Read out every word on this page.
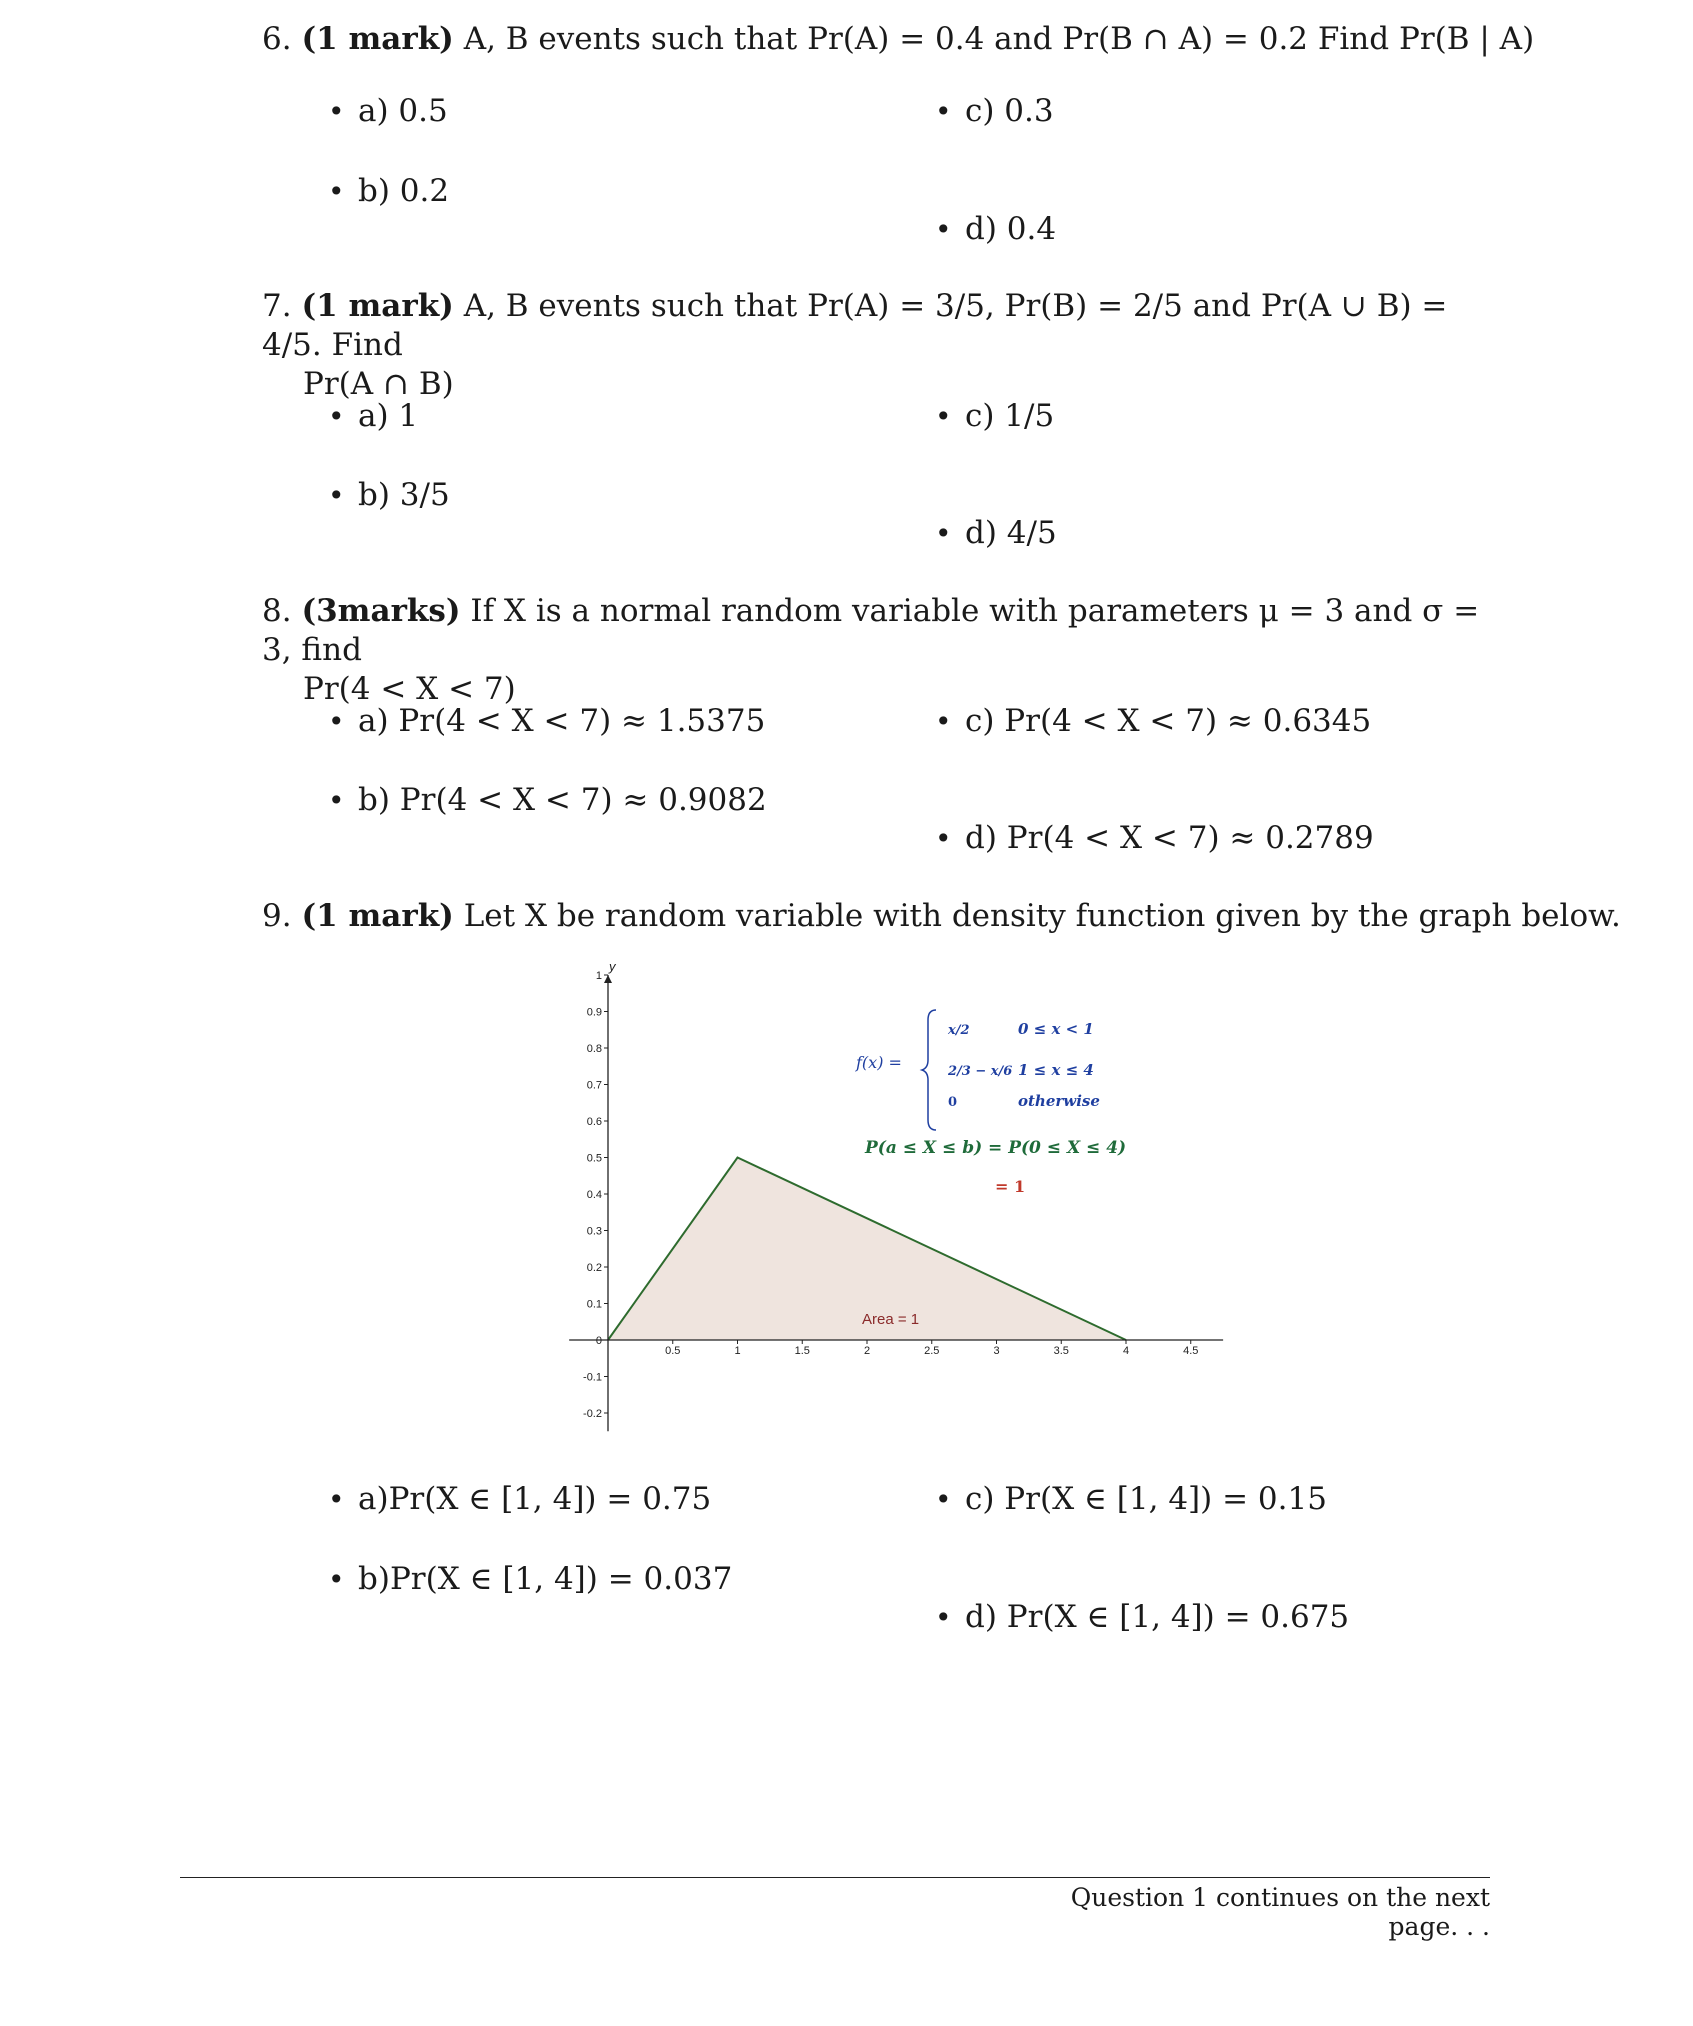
6. (1 mark) A, B events such that Pr(A) = 0.4 and Pr(B ∩ A) = 0.2 Find Pr(B | A)
• a) 0.5
• b) 0.2
• c) 0.3
• d) 0.4
7. (1 mark) A, B events such that Pr(A) = 3/5, Pr(B) = 2/5 and Pr(A ∪ B) = 4/5. Find
Pr(A ∩ B)
• a) 1
• b) 3/5
• c) 1/5
• d) 4/5
8. (3marks) If X is a normal random variable with parameters μ = 3 and σ = 3, find
Pr(4 < X < 7)
• a) Pr(4 < X < 7) ≈ 1.5375
• b) Pr(4 < X < 7) ≈ 0.9082
• c) Pr(4 < X < 7) ≈ 0.6345
• d) Pr(4 < X < 7) ≈ 0.2789
9. (1 mark) Let X be random variable with density function given by the graph below.
0.5	1	1.5	2	2.5	3	3.5	4	4.5
1
0.9
0.8
0.7
0.6
0.5
0.4
0.3
0.2
0.1
0
-0.1
-0.2
Area = 1
f(x) =
x/2	0 ≤ x < 1
2/3 − x/6 1 ≤ x ≤ 4
0	otherwise
P(a ≤ X ≤ b) = P(0 ≤ X ≤ 4)
= 1
y
• a)Pr(X ∈ [1, 4]) = 0.75
• b)Pr(X ∈ [1, 4]) = 0.037
• c) Pr(X ∈ [1, 4]) = 0.15
• d) Pr(X ∈ [1, 4]) = 0.675
Question 1 continues on the next page. . .
